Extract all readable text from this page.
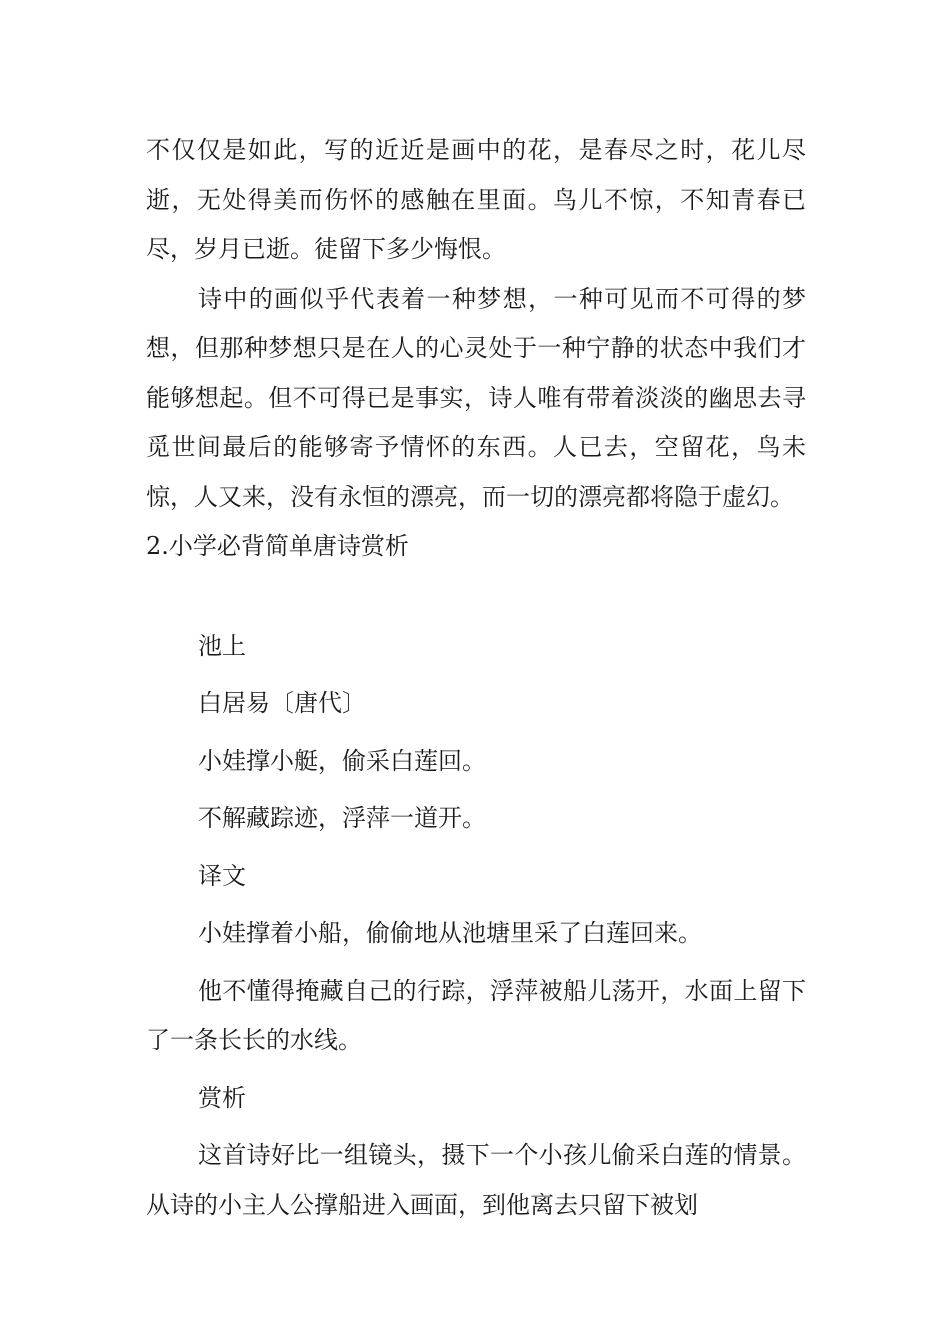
不仅仅是如此，写的近近是画中的花，是春尽之时，花儿尽逝，无处得美而伤怀的感触在里面。鸟儿不惊，不知青春已尽，岁月已逝。徒留下多少悔恨。

诗中的画似乎代表着一种梦想，一种可见而不可得的梦想，但那种梦想只是在人的心灵处于一种宁静的状态中我们才能够想起。但不可得已是事实，诗人唯有带着淡淡的幽思去寻觅世间最后的能够寄予情怀的东西。人已去，空留花，鸟未惊，人又来，没有永恒的漂亮，而一切的漂亮都将隐于虚幻。

2.小学必背简单唐诗赏析

池上

白居易〔唐代〕

小娃撑小艇，偷采白莲回。

不解藏踪迹，浮萍一道开。

译文

小娃撑着小船，偷偷地从池塘里采了白莲回来。

他不懂得掩藏自己的行踪，浮萍被船儿荡开，水面上留下了一条长长的水线。

赏析

这首诗好比一组镜头，摄下一个小孩儿偷采白莲的情景。从诗的小主人公撑船进入画面，到他离去只留下被划
